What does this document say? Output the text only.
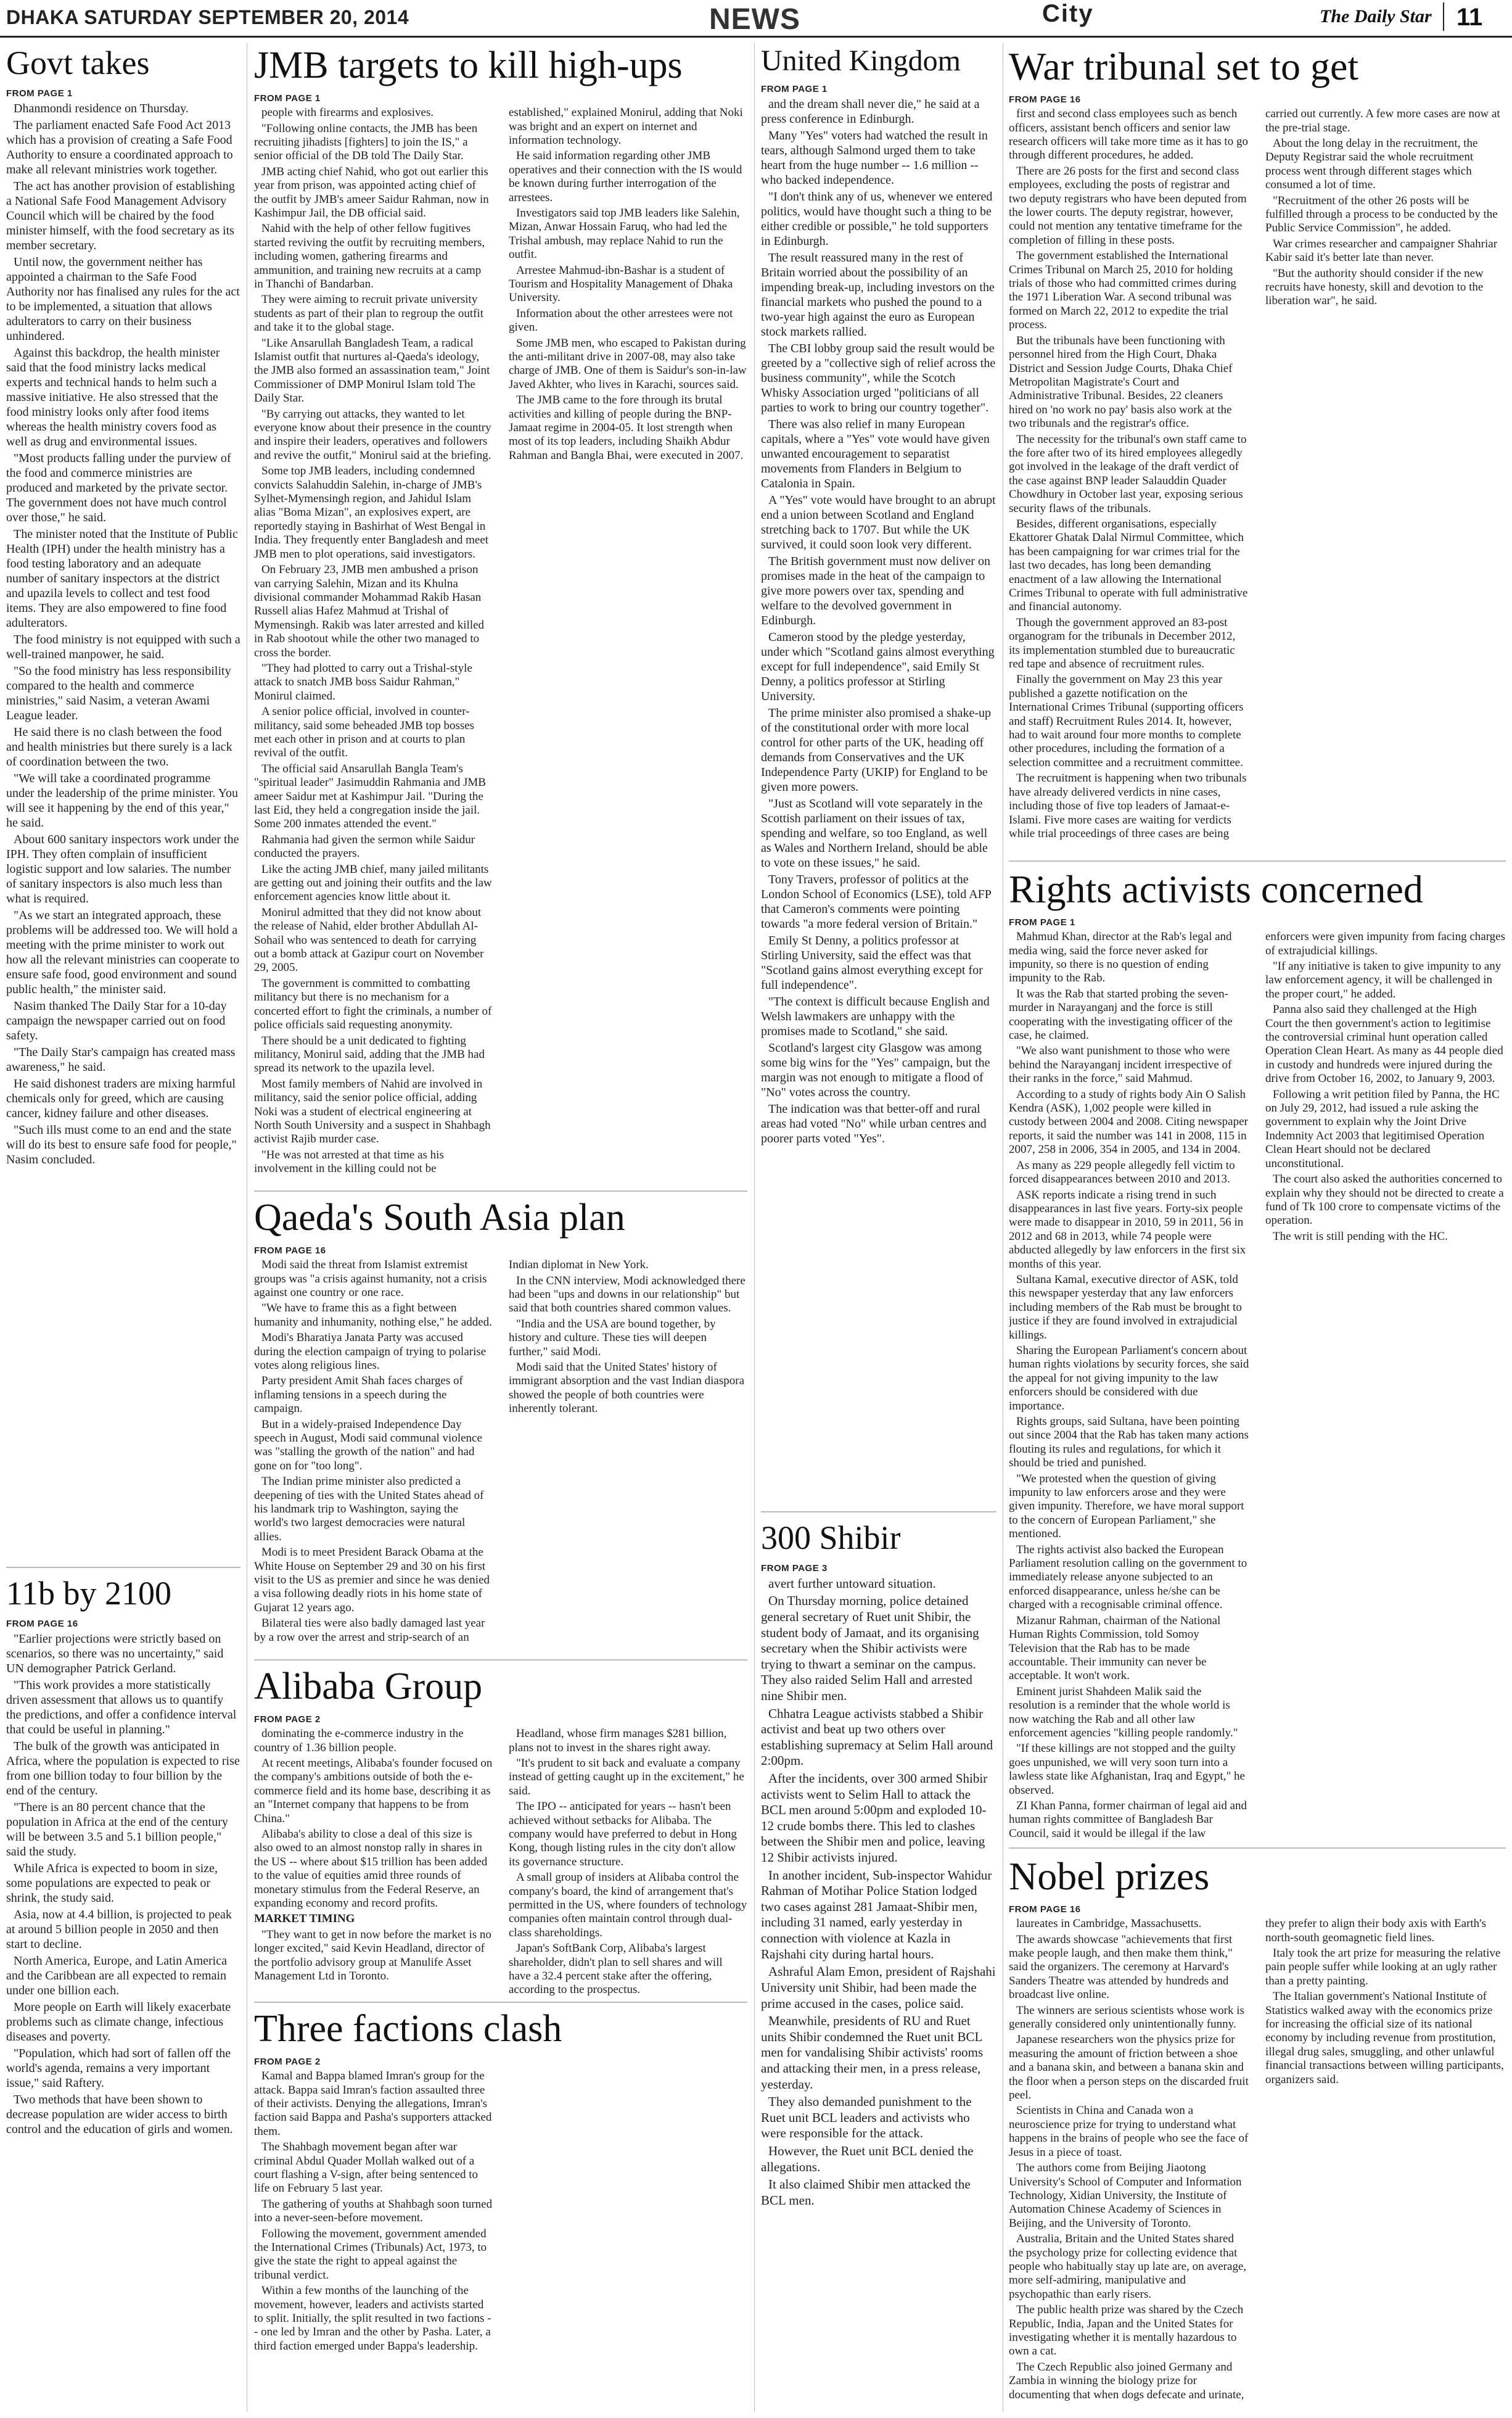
DHAKA SATURDAY SEPTEMBER 20, 2014	NEWS	City	The Daily Star 11
Govt takes
FROM PAGE 1

Dhanmondi residence on Thursday.

The parliament enacted Safe Food Act 2013 which has a provision of creating a Safe Food Authority to ensure a coordinated approach to make all relevant ministries work together.

The act has another provision of establishing a National Safe Food Management Advisory Council which will be chaired by the food minister himself, with the food secretary as its member secretary.

Until now, the government neither has appointed a chairman to the Safe Food Authority nor has finalised any rules for the act to be implemented, a situation that allows adulterators to carry on their business unhindered.

Against this backdrop, the health minister said that the food ministry lacks medical experts and technical hands to helm such a massive initiative. He also stressed that the food ministry looks only after food items whereas the health ministry covers food as well as drug and environmental issues.

"Most products falling under the purview of the food and commerce ministries are produced and marketed by the private sector. The government does not have much control over those," he said.

The minister noted that the Institute of Public Health (IPH) under the health ministry has a food testing laboratory and an adequate number of sanitary inspectors at the district and upazila levels to collect and test food items. They are also empowered to fine food adulterators.

The food ministry is not equipped with such a well-trained manpower, he said.

"So the food ministry has less responsibility compared to the health and commerce ministries," said Nasim, a veteran Awami League leader.

He said there is no clash between the food and health ministries but there surely is a lack of coordination between the two.

"We will take a coordinated programme under the leadership of the prime minister. You will see it happening by the end of this year," he said.

About 600 sanitary inspectors work under the IPH. They often complain of insufficient logistic support and low salaries. The number of sanitary inspectors is also much less than what is required.

"As we start an integrated approach, these problems will be addressed too. We will hold a meeting with the prime minister to work out how all the relevant ministries can cooperate to ensure safe food, good environment and sound public health," the minister said.

Nasim thanked The Daily Star for a 10-day campaign the newspaper carried out on food safety.

"The Daily Star's campaign has created mass awareness," he said.

He said dishonest traders are mixing harmful chemicals only for greed, which are causing cancer, kidney failure and other diseases.

"Such ills must come to an end and the state will do its best to ensure safe food for people," Nasim concluded.

11b by 2100
FROM PAGE 16

"Earlier projections were strictly based on scenarios, so there was no uncertainty," said UN demographer Patrick Gerland.

"This work provides a more statistically driven assessment that allows us to quantify the predictions, and offer a confidence interval that could be useful in planning."

The bulk of the growth was anticipated in Africa, where the population is expected to rise from one billion today to four billion by the end of the century.

"There is an 80 percent chance that the population in Africa at the end of the century will be between 3.5 and 5.1 billion people," said the study.

While Africa is expected to boom in size, some populations are expected to peak or shrink, the study said.

Asia, now at 4.4 billion, is projected to peak at around 5 billion people in 2050 and then start to decline.

North America, Europe, and Latin America and the Caribbean are all expected to remain under one billion each.

More people on Earth will likely exacerbate problems such as climate change, infectious diseases and poverty.

"Population, which had sort of fallen off the world's agenda, remains a very important issue," said Raftery.

Two methods that have been shown to decrease population are wider access to birth control and the education of girls and women.

JMB targets to kill high-ups
FROM PAGE 1

people with firearms and explosives.

"Following online contacts, the JMB has been recruiting jihadists [fighters] to join the IS," a senior official of the DB told The Daily Star.

JMB acting chief Nahid, who got out earlier this year from prison, was appointed acting chief of the outfit by JMB's ameer Saidur Rahman, now in Kashimpur Jail, the DB official said.

Nahid with the help of other fellow fugitives started reviving the outfit by recruiting members, including women, gathering firearms and ammunition, and training new recruits at a camp in Thanchi of Bandarban.

They were aiming to recruit private university students as part of their plan to regroup the outfit and take it to the global stage.

"Like Ansarullah Bangladesh Team, a radical Islamist outfit that nurtures al-Qaeda's ideology, the JMB also formed an assassination team," Joint Commissioner of DMP Monirul Islam told The Daily Star.

"By carrying out attacks, they wanted to let everyone know about their presence in the country and inspire their leaders, operatives and followers and revive the outfit," Monirul said at the briefing.

Some top JMB leaders, including condemned convicts Salahuddin Salehin, in-charge of JMB's Sylhet-Mymensingh region, and Jahidul Islam alias "Boma Mizan", an explosives expert, are reportedly staying in Bashirhat of West Bengal in India. They frequently enter Bangladesh and meet JMB men to plot operations, said investigators.

On February 23, JMB men ambushed a prison van carrying Salehin, Mizan and its Khulna divisional commander Mohammad Rakib Hasan Russell alias Hafez Mahmud at Trishal of Mymensingh. Rakib was later arrested and killed in Rab shootout while the other two managed to cross the border.

"They had plotted to carry out a Trishal-style attack to snatch JMB boss Saidur Rahman," Monirul claimed.

A senior police official, involved in counter-militancy, said some beheaded JMB top bosses met each other in prison and at courts to plan revival of the outfit.

The official said Ansarullah Bangla Team's "spiritual leader" Jasimuddin Rahmania and JMB ameer Saidur met at Kashimpur Jail. "During the last Eid, they held a congregation inside the jail. Some 200 inmates attended the event."

Rahmania had given the sermon while Saidur conducted the prayers.

Like the acting JMB chief, many jailed militants are getting out and joining their outfits and the law enforcement agencies know little about it.

Monirul admitted that they did not know about the release of Nahid, elder brother Abdullah Al-Sohail who was sentenced to death for carrying out a bomb attack at Gazipur court on November 29, 2005.

The government is committed to combatting militancy but there is no mechanism for a concerted effort to fight the criminals, a number of police officials said requesting anonymity.

There should be a unit dedicated to fighting militancy, Monirul said, adding that the JMB had spread its network to the upazila level.

Most family members of Nahid are involved in militancy, said the senior police official, adding Noki was a student of electrical engineering at North South University and a suspect in Shahbagh activist Rajib murder case.

"He was not arrested at that time as his involvement in the killing could not be established," explained Monirul, adding that Noki was bright and an expert on internet and information technology.

He said information regarding other JMB operatives and their connection with the IS would be known during further interrogation of the arrestees.

Investigators said top JMB leaders like Salehin, Mizan, Anwar Hossain Faruq, who had led the Trishal ambush, may replace Nahid to run the outfit.

Arrestee Mahmud-ibn-Bashar is a student of Tourism and Hospitality Management of Dhaka University.

Information about the other arrestees were not given.

Some JMB men, who escaped to Pakistan during the anti-militant drive in 2007-08, may also take charge of JMB. One of them is Saidur's son-in-law Javed Akhter, who lives in Karachi, sources said.

The JMB came to the fore through its brutal activities and killing of people during the BNP-Jamaat regime in 2004-05. It lost strength when most of its top leaders, including Shaikh Abdur Rahman and Bangla Bhai, were executed in 2007.

Qaeda's South Asia plan
FROM PAGE 16

Modi said the threat from Islamist extremist groups was "a crisis against humanity, not a crisis against one country or one race.

"We have to frame this as a fight between humanity and inhumanity, nothing else," he added.

Modi's Bharatiya Janata Party was accused during the election campaign of trying to polarise votes along religious lines.

Party president Amit Shah faces charges of inflaming tensions in a speech during the campaign.

But in a widely-praised Independence Day speech in August, Modi said communal violence was "stalling the growth of the nation" and had gone on for "too long".

The Indian prime minister also predicted a deepening of ties with the United States ahead of his landmark trip to Washington, saying the world's two largest democracies were natural allies.

Modi is to meet President Barack Obama at the White House on September 29 and 30 on his first visit to the US as premier and since he was denied a visa following deadly riots in his home state of Gujarat 12 years ago.

Bilateral ties were also badly damaged last year by a row over the arrest and strip-search of an Indian diplomat in New York.

In the CNN interview, Modi acknowledged there had been "ups and downs in our relationship" but said that both countries shared common values.

"India and the USA are bound together, by history and culture. These ties will deepen further," said Modi.

Modi said that the United States' history of immigrant absorption and the vast Indian diaspora showed the people of both countries were inherently tolerant.

Alibaba Group
FROM PAGE 2

dominating the e-commerce industry in the country of 1.36 billion people.

At recent meetings, Alibaba's founder focused on the company's ambitions outside of both the e-commerce field and its home base, describing it as an "Internet company that happens to be from China."

Alibaba's ability to close a deal of this size is also owed to an almost nonstop rally in shares in the US -- where about $15 trillion has been added to the value of equities amid three rounds of monetary stimulus from the Federal Reserve, an expanding economy and record profits.

MARKET TIMING

"They want to get in now before the market is no longer excited," said Kevin Headland, director of the portfolio advisory group at Manulife Asset Management Ltd in Toronto.

Headland, whose firm manages $281 billion, plans not to invest in the shares right away.

"It's prudent to sit back and evaluate a company instead of getting caught up in the excitement," he said.

The IPO -- anticipated for years -- hasn't been achieved without setbacks for Alibaba. The company would have preferred to debut in Hong Kong, though listing rules in the city don't allow its governance structure.

A small group of insiders at Alibaba control the company's board, the kind of arrangement that's permitted in the US, where founders of technology companies often maintain control through dual-class shareholdings.

Japan's SoftBank Corp, Alibaba's largest shareholder, didn't plan to sell shares and will have a 32.4 percent stake after the offering, according to the prospectus.

Three factions clash
FROM PAGE 2

Kamal and Bappa blamed Imran's group for the attack. Bappa said Imran's faction assaulted three of their activists. Denying the allegations, Imran's faction said Bappa and Pasha's supporters attacked them.

The Shahbagh movement began after war criminal Abdul Quader Mollah walked out of a court flashing a V-sign, after being sentenced to life on February 5 last year.

The gathering of youths at Shahbagh soon turned into a never-seen-before movement.

Following the movement, government amended the International Crimes (Tribunals) Act, 1973, to give the state the right to appeal against the tribunal verdict.

Within a few months of the launching of the movement, however, leaders and activists started to split. Initially, the split resulted in two factions -- one led by Imran and the other by Pasha. Later, a third faction emerged under Bappa's leadership.

United Kingdom
FROM PAGE 1

and the dream shall never die," he said at a press conference in Edinburgh.

Many "Yes" voters had watched the result in tears, although Salmond urged them to take heart from the huge number -- 1.6 million -- who backed independence.

"I don't think any of us, whenever we entered politics, would have thought such a thing to be either credible or possible," he told supporters in Edinburgh.

The result reassured many in the rest of Britain worried about the possibility of an impending break-up, including investors on the financial markets who pushed the pound to a two-year high against the euro as European stock markets rallied.

The CBI lobby group said the result would be greeted by a "collective sigh of relief across the business community", while the Scotch Whisky Association urged "politicians of all parties to work to bring our country together".

There was also relief in many European capitals, where a "Yes" vote would have given unwanted encouragement to separatist movements from Flanders in Belgium to Catalonia in Spain.

A "Yes" vote would have brought to an abrupt end a union between Scotland and England stretching back to 1707. But while the UK survived, it could soon look very different.

The British government must now deliver on promises made in the heat of the campaign to give more powers over tax, spending and welfare to the devolved government in Edinburgh.

Cameron stood by the pledge yesterday, under which "Scotland gains almost everything except for full independence", said Emily St Denny, a politics professor at Stirling University.

The prime minister also promised a shake-up of the constitutional order with more local control for other parts of the UK, heading off demands from Conservatives and the UK Independence Party (UKIP) for England to be given more powers.

"Just as Scotland will vote separately in the Scottish parliament on their issues of tax, spending and welfare, so too England, as well as Wales and Northern Ireland, should be able to vote on these issues," he said.

Tony Travers, professor of politics at the London School of Economics (LSE), told AFP that Cameron's comments were pointing towards "a more federal version of Britain."

Emily St Denny, a politics professor at Stirling University, said the effect was that "Scotland gains almost everything except for full independence".

"The context is difficult because English and Welsh lawmakers are unhappy with the promises made to Scotland," she said.

Scotland's largest city Glasgow was among some big wins for the "Yes" campaign, but the margin was not enough to mitigate a flood of "No" votes across the country.

The indication was that better-off and rural areas had voted "No" while urban centres and poorer parts voted "Yes".

300 Shibir
FROM PAGE 3

avert further untoward situation.

On Thursday morning, police detained general secretary of Ruet unit Shibir, the student body of Jamaat, and its organising secretary when the Shibir activists were trying to thwart a seminar on the campus. They also raided Selim Hall and arrested nine Shibir men.

Chhatra League activists stabbed a Shibir activist and beat up two others over establishing supremacy at Selim Hall around 2:00pm.

After the incidents, over 300 armed Shibir activists went to Selim Hall to attack the BCL men around 5:00pm and exploded 10-12 crude bombs there. This led to clashes between the Shibir men and police, leaving 12 Shibir activists injured.

In another incident, Sub-inspector Wahidur Rahman of Motihar Police Station lodged two cases against 281 Jamaat-Shibir men, including 31 named, early yesterday in connection with violence at Kazla in Rajshahi city during hartal hours.

Ashraful Alam Emon, president of Rajshahi University unit Shibir, had been made the prime accused in the cases, police said.

Meanwhile, presidents of RU and Ruet units Shibir condemned the Ruet unit BCL men for vandalising Shibir activists' rooms and attacking their men, in a press release, yesterday.

They also demanded punishment to the Ruet unit BCL leaders and activists who were responsible for the attack.

However, the Ruet unit BCL denied the allegations.

It also claimed Shibir men attacked the BCL men.

War tribunal set to get
FROM PAGE 16

first and second class employees such as bench officers, assistant bench officers and senior law research officers will take more time as it has to go through different procedures, he added.

There are 26 posts for the first and second class employees, excluding the posts of registrar and two deputy registrars who have been deputed from the lower courts. The deputy registrar, however, could not mention any tentative timeframe for the completion of filling in these posts.

The government established the International Crimes Tribunal on March 25, 2010 for holding trials of those who had committed crimes during the 1971 Liberation War. A second tribunal was formed on March 22, 2012 to expedite the trial process.

But the tribunals have been functioning with personnel hired from the High Court, Dhaka District and Session Judge Courts, Dhaka Chief Metropolitan Magistrate's Court and Administrative Tribunal. Besides, 22 cleaners hired on 'no work no pay' basis also work at the two tribunals and the registrar's office.

The necessity for the tribunal's own staff came to the fore after two of its hired employees allegedly got involved in the leakage of the draft verdict of the case against BNP leader Salauddin Quader Chowdhury in October last year, exposing serious security flaws of the tribunals.

Besides, different organisations, especially Ekattorer Ghatak Dalal Nirmul Committee, which has been campaigning for war crimes trial for the last two decades, has long been demanding enactment of a law allowing the International Crimes Tribunal to operate with full administrative and financial autonomy.

Though the government approved an 83-post organogram for the tribunals in December 2012, its implementation stumbled due to bureaucratic red tape and absence of recruitment rules.

Finally the government on May 23 this year published a gazette notification on the International Crimes Tribunal (supporting officers and staff) Recruitment Rules 2014. It, however, had to wait around four more months to complete other procedures, including the formation of a selection committee and a recruitment committee.

The recruitment is happening when two tribunals have already delivered verdicts in nine cases, including those of five top leaders of Jamaat-e-Islami. Five more cases are waiting for verdicts while trial proceedings of three cases are being carried out currently. A few more cases are now at the pre-trial stage.

About the long delay in the recruitment, the Deputy Registrar said the whole recruitment process went through different stages which consumed a lot of time.

"Recruitment of the other 26 posts will be fulfilled through a process to be conducted by the Public Service Commission", he added.

War crimes researcher and campaigner Shahriar Kabir said it's better late than never.

"But the authority should consider if the new recruits have honesty, skill and devotion to the liberation war", he said.

Rights activists concerned
FROM PAGE 1

Mahmud Khan, director at the Rab's legal and media wing, said the force never asked for impunity, so there is no question of ending impunity to the Rab.

It was the Rab that started probing the seven-murder in Narayanganj and the force is still cooperating with the investigating officer of the case, he claimed.

"We also want punishment to those who were behind the Narayanganj incident irrespective of their ranks in the force," said Mahmud.

According to a study of rights body Ain O Salish Kendra (ASK), 1,002 people were killed in custody between 2004 and 2008. Citing newspaper reports, it said the number was 141 in 2008, 115 in 2007, 258 in 2006, 354 in 2005, and 134 in 2004.

As many as 229 people allegedly fell victim to forced disappearances between 2010 and 2013.

ASK reports indicate a rising trend in such disappearances in last five years. Forty-six people were made to disappear in 2010, 59 in 2011, 56 in 2012 and 68 in 2013, while 74 people were abducted allegedly by law enforcers in the first six months of this year.

Sultana Kamal, executive director of ASK, told this newspaper yesterday that any law enforcers including members of the Rab must be brought to justice if they are found involved in extrajudicial killings.

Sharing the European Parliament's concern about human rights violations by security forces, she said the appeal for not giving impunity to the law enforcers should be considered with due importance.

Rights groups, said Sultana, have been pointing out since 2004 that the Rab has taken many actions flouting its rules and regulations, for which it should be tried and punished.

"We protested when the question of giving impunity to law enforcers arose and they were given impunity. Therefore, we have moral support to the concern of European Parliament," she mentioned.

The rights activist also backed the European Parliament resolution calling on the government to immediately release anyone subjected to an enforced disappearance, unless he/she can be charged with a recognisable criminal offence.

Mizanur Rahman, chairman of the National Human Rights Commission, told Somoy Television that the Rab has to be made accountable. Their immunity can never be acceptable. It won't work.

Eminent jurist Shahdeen Malik said the resolution is a reminder that the whole world is now watching the Rab and all other law enforcement agencies "killing people randomly."

"If these killings are not stopped and the guilty goes unpunished, we will very soon turn into a lawless state like Afghanistan, Iraq and Egypt," he observed.

ZI Khan Panna, former chairman of legal aid and human rights committee of Bangladesh Bar Council, said it would be illegal if the law enforcers were given impunity from facing charges of extrajudicial killings.

"If any initiative is taken to give impunity to any law enforcement agency, it will be challenged in the proper court," he added.

Panna also said they challenged at the High Court the then government's action to legitimise the controversial criminal hunt operation called Operation Clean Heart. As many as 44 people died in custody and hundreds were injured during the drive from October 16, 2002, to January 9, 2003.

Following a writ petition filed by Panna, the HC on July 29, 2012, had issued a rule asking the government to explain why the Joint Drive Indemnity Act 2003 that legitimised Operation Clean Heart should not be declared unconstitutional.

The court also asked the authorities concerned to explain why they should not be directed to create a fund of Tk 100 crore to compensate victims of the operation.

The writ is still pending with the HC.

Nobel prizes
FROM PAGE 16

laureates in Cambridge, Massachusetts.

The awards showcase "achievements that first make people laugh, and then make them think," said the organizers. The ceremony at Harvard's Sanders Theatre was attended by hundreds and broadcast live online.

The winners are serious scientists whose work is generally considered only unintentionally funny.

Japanese researchers won the physics prize for measuring the amount of friction between a shoe and a banana skin, and between a banana skin and the floor when a person steps on the discarded fruit peel.

Scientists in China and Canada won a neuroscience prize for trying to understand what happens in the brains of people who see the face of Jesus in a piece of toast.

The authors come from Beijing Jiaotong University's School of Computer and Information Technology, Xidian University, the Institute of Automation Chinese Academy of Sciences in Beijing, and the University of Toronto.

Australia, Britain and the United States shared the psychology prize for collecting evidence that people who habitually stay up late are, on average, more self-admiring, manipulative and psychopathic than early risers.

The public health prize was shared by the Czech Republic, India, Japan and the United States for investigating whether it is mentally hazardous to own a cat.

The Czech Republic also joined Germany and Zambia in winning the biology prize for documenting that when dogs defecate and urinate, they prefer to align their body axis with Earth's north-south geomagnetic field lines.

Italy took the art prize for measuring the relative pain people suffer while looking at an ugly rather than a pretty painting.

The Italian government's National Institute of Statistics walked away with the economics prize for increasing the official size of its national economy by including revenue from prostitution, illegal drug sales, smuggling, and other unlawful financial transactions between willing participants, organizers said.
